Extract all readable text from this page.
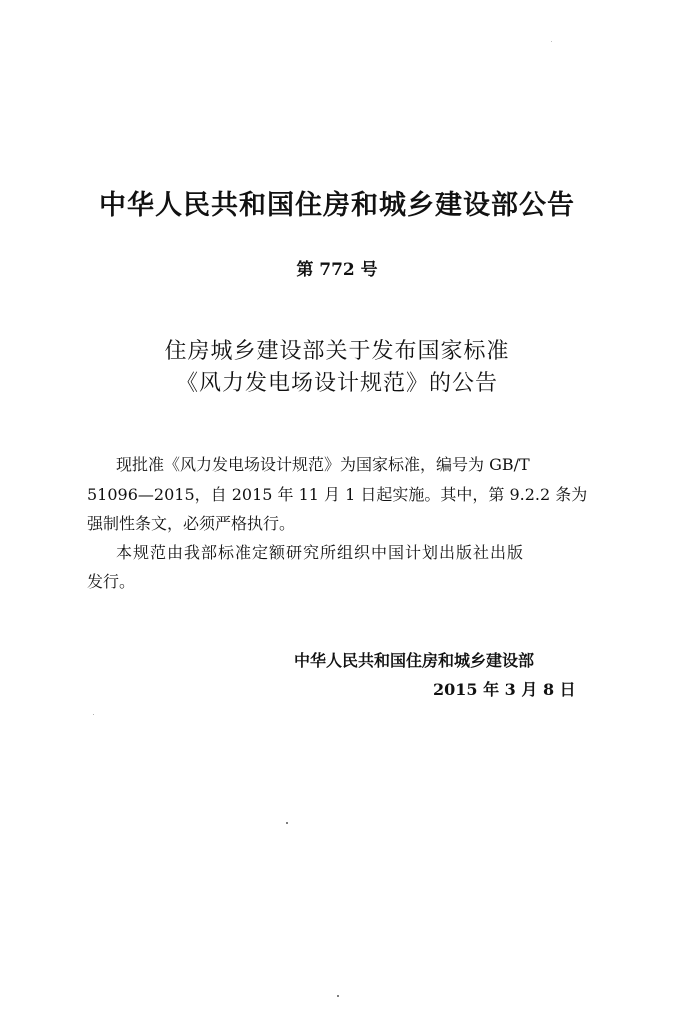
中华人民共和国住房和城乡建设部公告
第 772 号
住房城乡建设部关于发布国家标准
《风力发电场设计规范》的公告
现批准《风力发电场设计规范》为国家标准，编号为 GB/T
51096—2015，自 2015 年 11 月 1 日起实施。其中，第 9.2.2 条为
强制性条文，必须严格执行。
本规范由我部标准定额研究所组织中国计划出版社出版
发行。
中华人民共和国住房和城乡建设部
2015 年 3 月 8 日
